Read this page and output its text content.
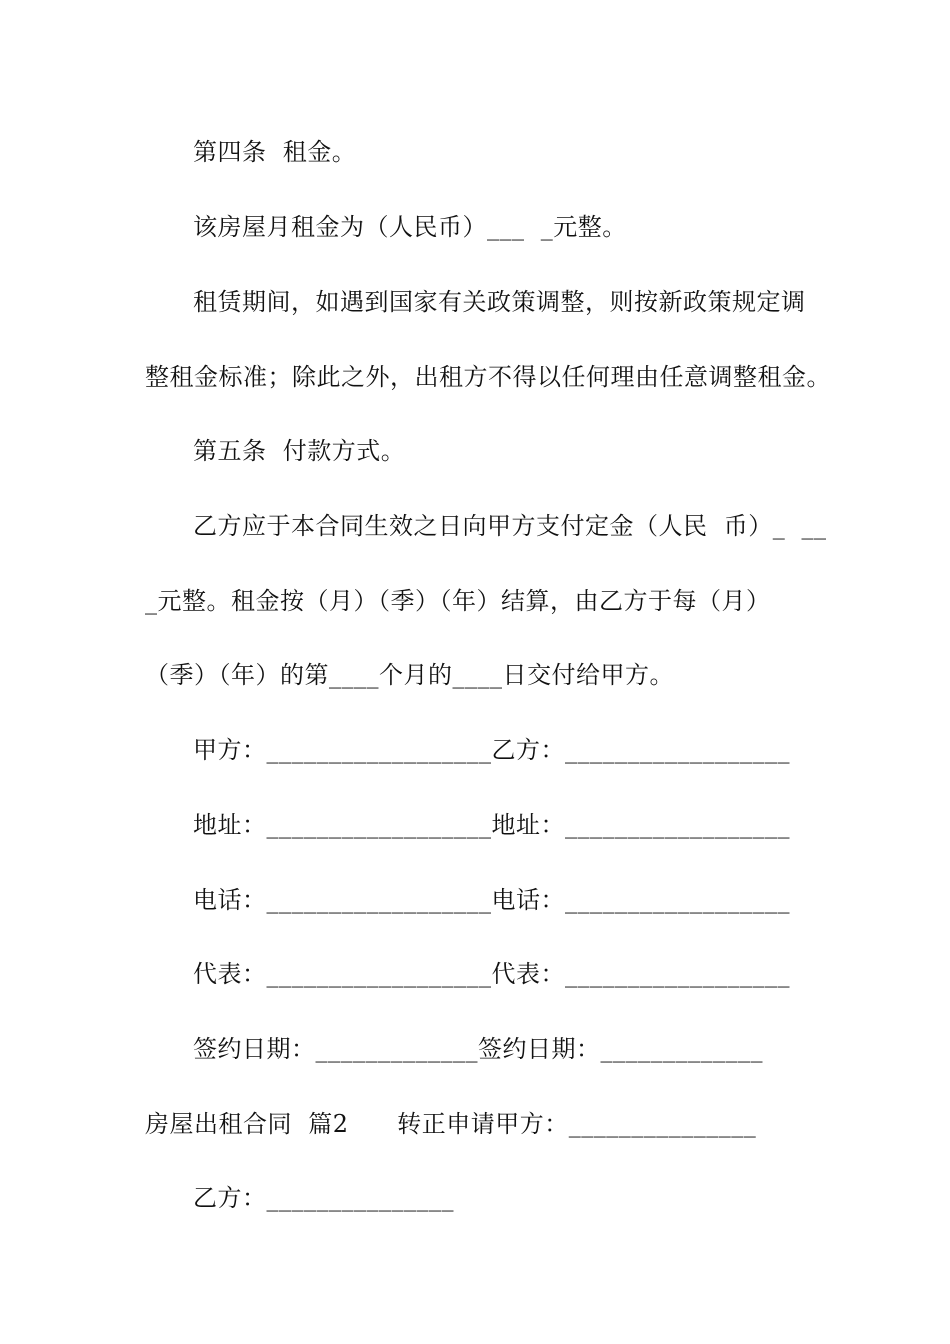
第四条  租金。
该房屋月租金为（人民币）___  _元整。
租赁期间，如遇到国家有关政策调整，则按新政策规定调
整租金标准；除此之外，出租方不得以任何理由任意调整租金。
第五条  付款方式。
乙方应于本合同生效之日向甲方支付定金（人民  币）_  __
_元整。租金按（月）（季）（年）结算，由乙方于每（月）
（季）（年）的第____个月的____日交付给甲方。
甲方：__________________乙方：__________________
地址：__________________地址：__________________
电话：__________________电话：__________________
代表：__________________代表：__________________
签约日期：_____________签约日期：_____________
房屋出租合同  篇2      转正申请甲方：_______________
乙方：_______________
